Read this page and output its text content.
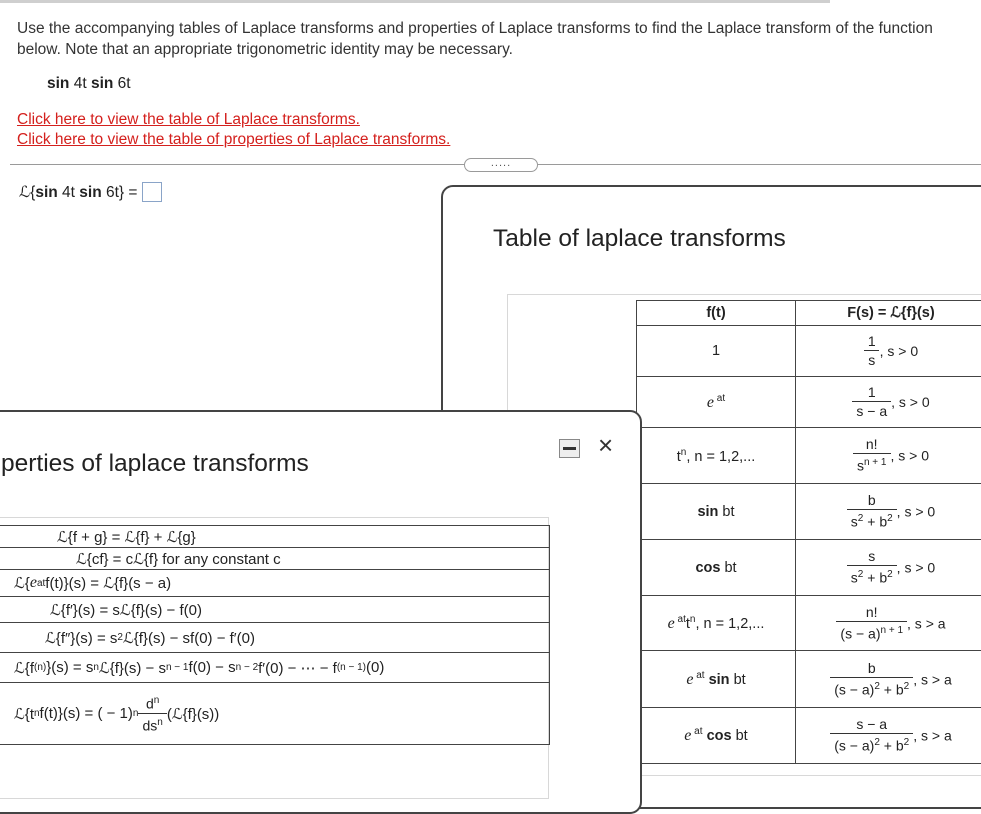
Use the accompanying tables of Laplace transforms and properties of Laplace transforms to find the Laplace transform of the function below. Note that an appropriate trigonometric identity may be necessary.
sin 4t sin 6t
Click here to view the table of Laplace transforms.
Click here to view the table of properties of Laplace transforms.
.....
ℒ{sin 4t sin 6t} =
Table of laplace transforms
f(t)	F(s) = ℒ{f}(s)
1	$\frac{1}{s}$ , s > 0
e $^{at}$	$\frac{1}{s - a}$ , s > 0
$t^n$, n = 1,2,...	$\frac{n!}{s^{n + 1}}$ , s > 0
sin bt	$\frac{b}{s^2 + b^2}$ , s > 0
cos bt	$\frac{s}{s^2 + b^2}$ , s > 0
e $^{at}t^n$, n = 1,2,...	$\frac{n!}{(s - a)^{n + 1}}$ , s > a
e $^{at}$ sin bt	$\frac{b}{(s - a)^2 + b^2}$ , s > a
e $^{at}$ cos bt	$\frac{s - a}{(s - a)^2 + b^2}$ , s > a
perties of laplace transforms
×
ℒ{f + g} = ℒ{f} + ℒ{g}

ℒ{cf} = cℒ{f} for any constant c

ℒ{ e at f(t)}(s) = ℒ{f}(s − a)

ℒ{f′}(s) = sℒ{f}(s) − f(0)

ℒ{f″}(s) = s 2 ℒ{f}(s) − sf(0) − f′(0)

ℒ{f (n) }(s) = s n ℒ{f}(s) − s n − 1 f(0) − s n − 2 f′(0) − ⋯ − f (n − 1) (0)

ℒ{t n f(t)}(s) = ( − 1) n $\frac{d^n}{ds^n}$ (ℒ{f}(s))
